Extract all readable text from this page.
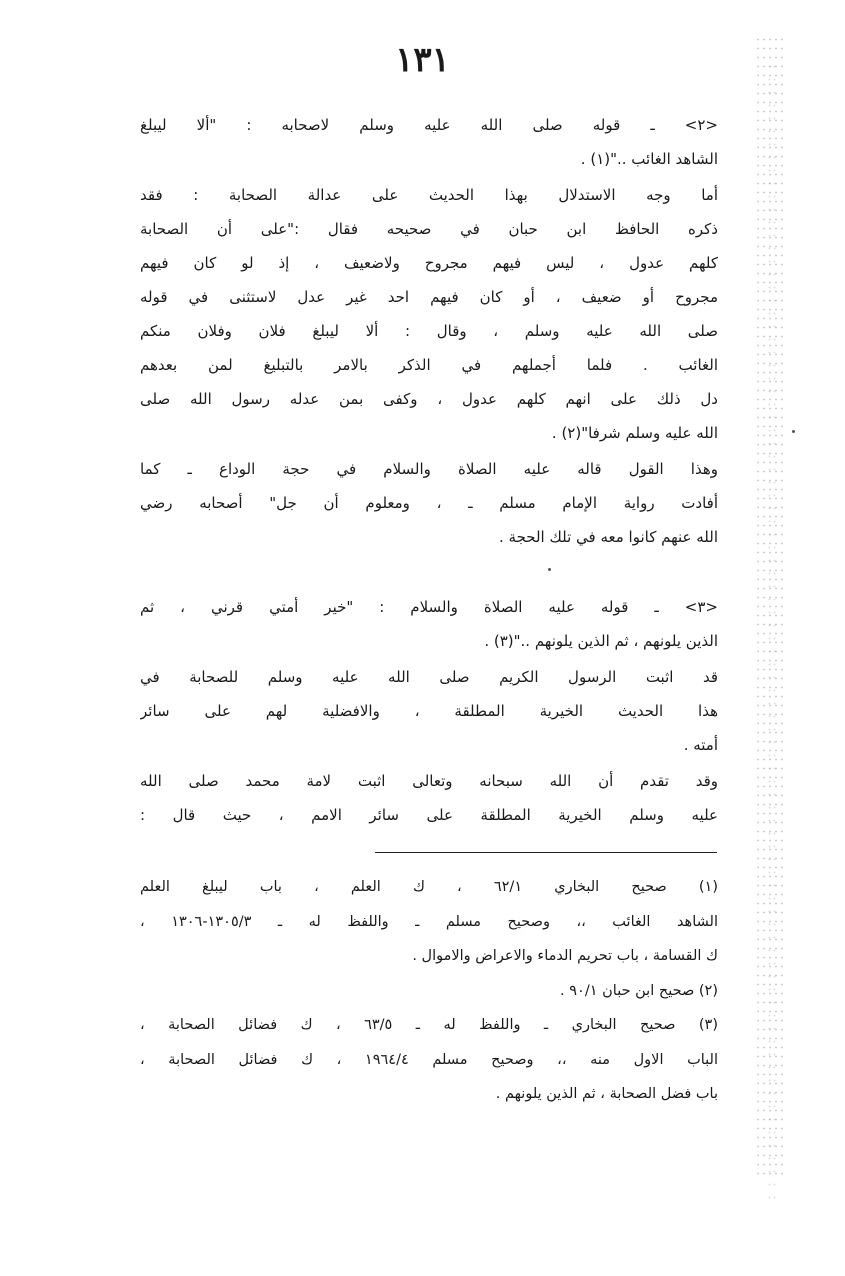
١٣١
<٢> ـ قوله صلى الله عليه وسلم لاصحابه : "ألا ليبلغ
الشاهد الغائب .."(١) .
أما وجه الاستدلال بهذا الحديث على عدالة الصحابة : فقد
ذكره الحافظ ابن حبان في صحيحه فقال :"على أن الصحابة
كلهم عدول ، ليس فيهم مجروح ولاضعيف ، إذ لو كان فيهم
مجروح أو ضعيف ، أو كان فيهم احد غير عدل لاستثنى في قوله
صلى الله عليه وسلم ، وقال : ألا ليبلغ فلان وفلان منكم
الغائب . فلما أجملهم في الذكر بالامر بالتبليغ لمن بعدهم
دل ذلك على انهم كلهم عدول ، وكفى بمن عدله رسول الله صلى
الله عليه وسلم شرفا"(٢) .
وهذا القول قاله عليه الصلاة والسلام في حجة الوداع ـ كما
أفادت رواية الإمام مسلم ـ ، ومعلوم أن جل" أصحابه رضي
الله عنهم كانوا معه في تلك الحجة .
<٣> ـ قوله عليه الصلاة والسلام : "خير أمتي قرني ، ثم
الذين يلونهم ، ثم الذين يلونهم .."(٣) .
قد اثبت الرسول الكريم صلى الله عليه وسلم للصحابة في
هذا الحديث الخيرية المطلقة ، والافضلية لهم على سائر
أمته .
وقد تقدم أن الله سبحانه وتعالى اثبت لامة محمد صلى الله
عليه وسلم الخيرية المطلقة على سائر الامم ، حيث قال :
(١) صحيح البخاري ٦٢/١ ، ك العلم ، باب ليبلغ العلم
الشاهد الغائب ،، وصحيح مسلم ـ واللفظ له ـ ١٣٠٥/٣-١٣٠٦ ،
ك القسامة ، باب تحريم الدماء والاعراض والاموال .
(٢) صحيح ابن حبان ٩٠/١ .
(٣) صحيح البخاري ـ واللفظ له ـ ٦٣/٥ ، ك فضائل الصحابة ،
الباب الاول منه ،، وصحيح مسلم ١٩٦٤/٤ ، ك فضائل الصحابة ،
باب فضل الصحابة ، ثم الذين يلونهم .
